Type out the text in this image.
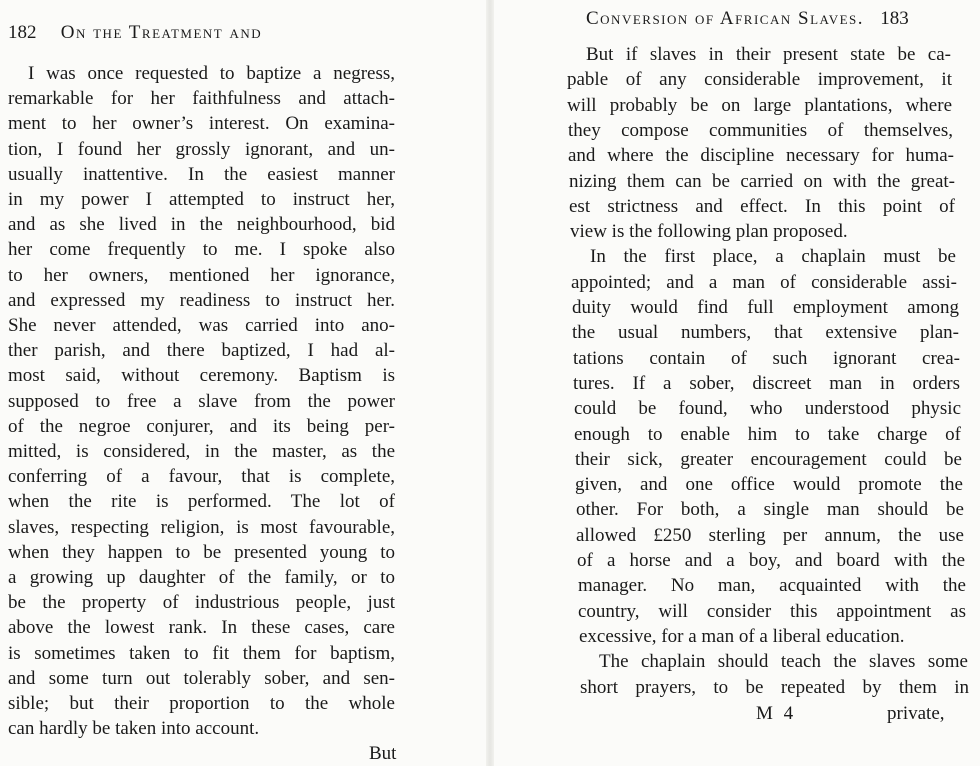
182 On the Treatment and
I was once requested to baptize a negress,
remarkable for her faithfulness and attach-
ment to her owner’s interest. On examina-
tion, I found her grossly ignorant, and un-
usually inattentive. In the easiest manner
in my power I attempted to instruct her,
and as she lived in the neighbourhood, bid
her come frequently to me. I spoke also
to her owners, mentioned her ignorance,
and expressed my readiness to instruct her.
She never attended, was carried into ano-
ther parish, and there baptized, I had al-
most said, without ceremony. Baptism is
supposed to free a slave from the power
of the negroe conjurer, and its being per-
mitted, is considered, in the master, as the
conferring of a favour, that is complete,
when the rite is performed. The lot of
slaves, respecting religion, is most favourable,
when they happen to be presented young to
a growing up daughter of the family, or to
be the property of industrious people, just
above the lowest rank. In these cases, care
is sometimes taken to fit them for baptism,
and some turn out tolerably sober, and sen-
sible; but their proportion to the whole
can hardly be taken into account.
But
Conversion of African Slaves. 183
But if slaves in their present state be ca-
pable of any considerable improvement, it
will probably be on large plantations, where
they compose communities of themselves,
and where the discipline necessary for huma-
nizing them can be carried on with the great-
est strictness and effect. In this point of
view is the following plan proposed.
In the first place, a chaplain must be
appointed; and a man of considerable assi-
duity would find full employment among
the usual numbers, that extensive plan-
tations contain of such ignorant crea-
tures. If a sober, discreet man in orders
could be found, who understood physic
enough to enable him to take charge of
their sick, greater encouragement could be
given, and one office would promote the
other. For both, a single man should be
allowed £250 sterling per annum, the use
of a horse and a boy, and board with the
manager. No man, acquainted with the
country, will consider this appointment as
excessive, for a man of a liberal education.
The chaplain should teach the slaves some
short prayers, to be repeated by them in
M 4	private,
